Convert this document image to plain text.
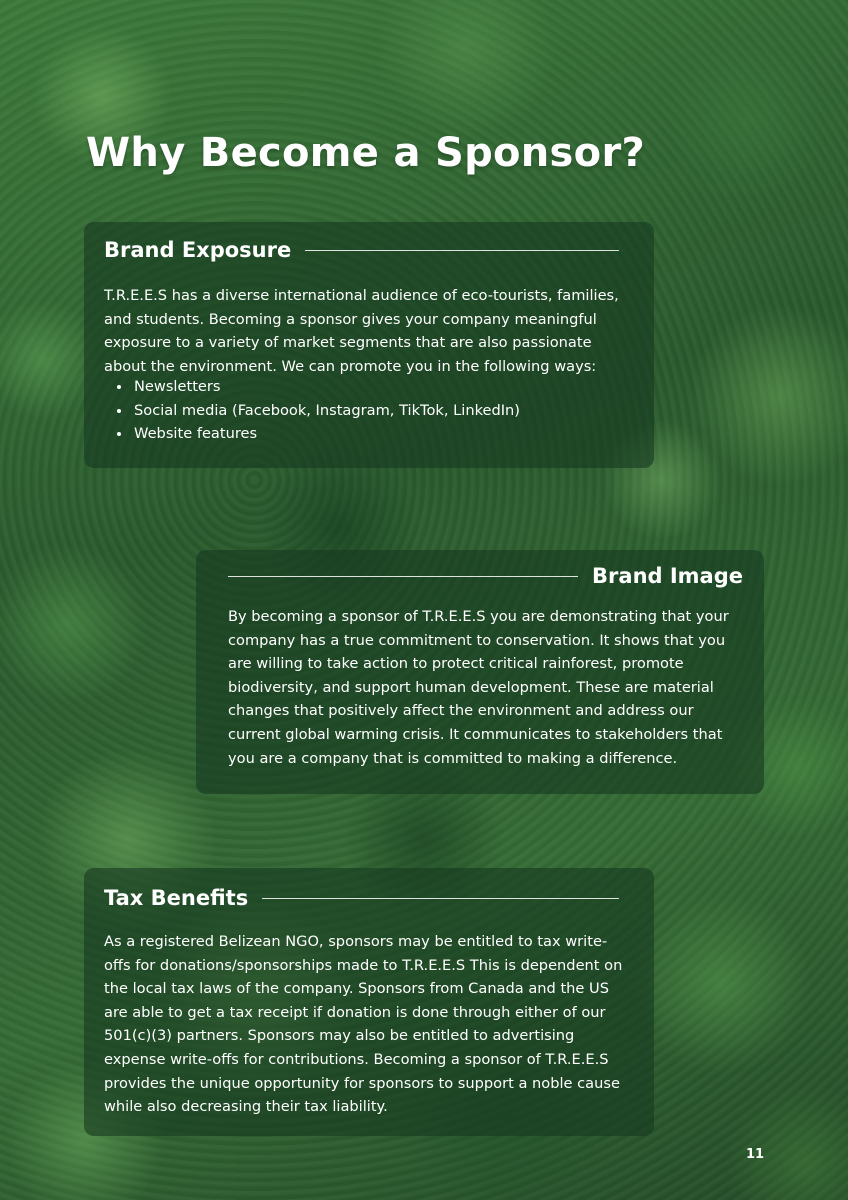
Why Become a Sponsor?
Brand Exposure

T.R.E.E.S has a diverse international audience of eco-tourists, families, and students. Becoming a sponsor gives your company meaningful exposure to a variety of market segments that are also passionate about the environment. We can promote you in the following ways:

• Newsletters
• Social media (Facebook, Instagram, TikTok, LinkedIn)
• Website features
Brand Image

By becoming a sponsor of T.R.E.E.S you are demonstrating that your company has a true commitment to conservation. It shows that you are willing to take action to protect critical rainforest, promote biodiversity, and support human development. These are material changes that positively affect the environment and address our current global warming crisis. It communicates to stakeholders that you are a company that is committed to making a difference.

Tax Benefits

As a registered Belizean NGO, sponsors may be entitled to tax write-offs for donations/sponsorships made to T.R.E.E.S This is dependent on the local tax laws of the company. Sponsors from Canada and the US are able to get a tax receipt if donation is done through either of our 501(c)(3) partners. Sponsors may also be entitled to advertising expense write-offs for contributions. Becoming a sponsor of T.R.E.E.S provides the unique opportunity for sponsors to support a noble cause while also decreasing their tax liability.

11
